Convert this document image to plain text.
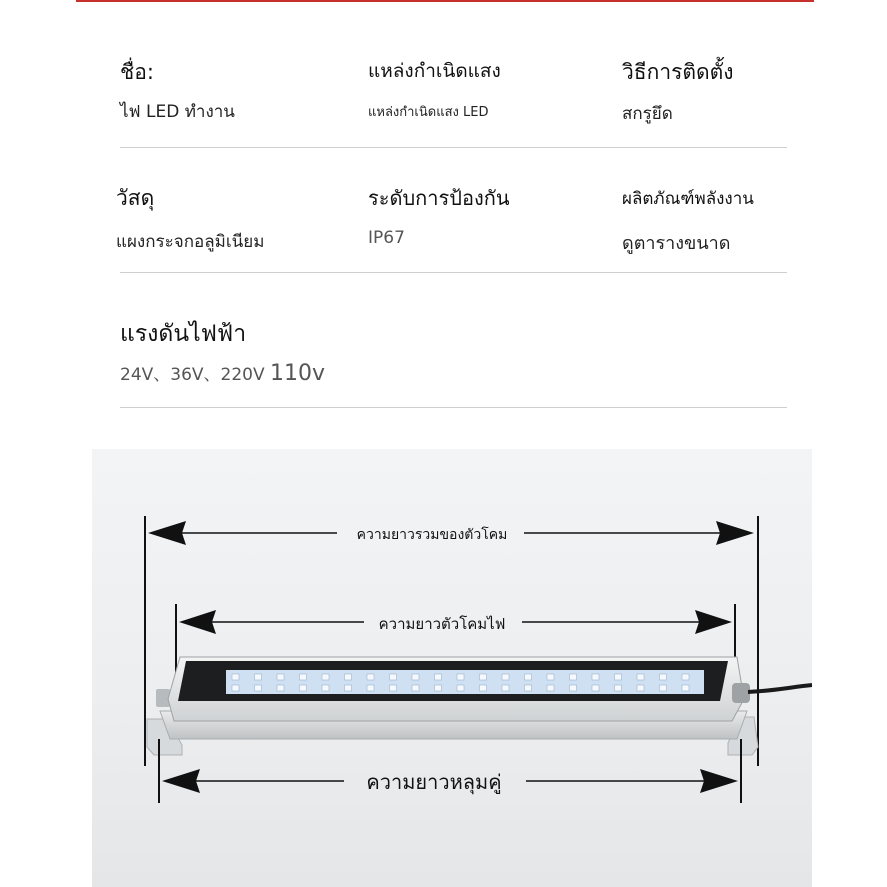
ชื่อ:
ไฟ LED ทำงาน
แหล่งกำเนิดแสง
แหล่งกำเนิดแสง LED
วิธีการติดตั้ง
สกรูยึด
วัสดุ
แผงกระจกอลูมิเนียม
ระดับการป้องกัน
IP67
ผลิตภัณฑ์พลังงาน
ดูตารางขนาด
แรงดันไฟฟ้า
24V、36V、220V 110v
ความยาวรวมของตัวโคม
ความยาวตัวโคมไฟ
ความยาวหลุมคู่
